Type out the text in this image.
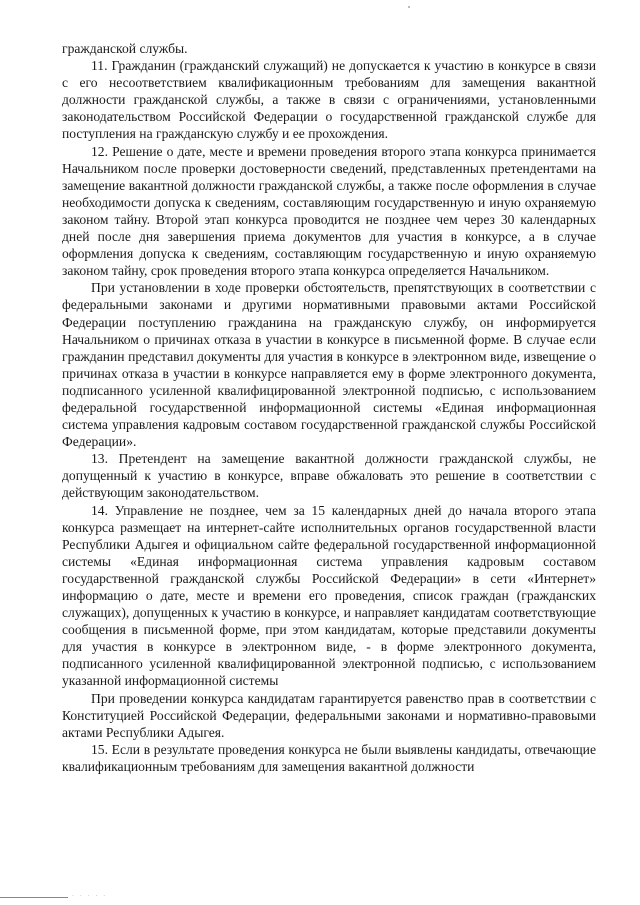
гражданской службы.

11. Гражданин (гражданский служащий) не допускается к участию в конкурсе в связи с его несоответствием квалификационным требованиям для замещения вакантной должности гражданской службы, а также в связи с ограничениями, установленными законодательством Российской Федерации о государственной гражданской службе для поступления на гражданскую службу и ее прохождения.

12. Решение о дате, месте и времени проведения второго этапа конкурса принимается Начальником после проверки достоверности сведений, представленных претендентами на замещение вакантной должности гражданской службы, а также после оформления в случае необходимости допуска к сведениям, составляющим государственную и иную охраняемую законом тайну. Второй этап конкурса проводится не позднее чем через 30 календарных дней после дня завершения приема документов для участия в конкурсе, а в случае оформления допуска к сведениям, составляющим государственную и иную охраняемую законом тайну, срок проведения второго этапа конкурса определяется Начальником.

При установлении в ходе проверки обстоятельств, препятствующих в соответствии с федеральными законами и другими нормативными правовыми актами Российской Федерации поступлению гражданина на гражданскую службу, он информируется Начальником о причинах отказа в участии в конкурсе в письменной форме. В случае если гражданин представил документы для участия в конкурсе в электронном виде, извещение о причинах отказа в участии в конкурсе направляется ему в форме электронного документа, подписанного усиленной квалифицированной электронной подписью, с использованием федеральной государственной информационной системы «Единая информационная система управления кадровым составом государственной гражданской службы Российской Федерации».

13. Претендент на замещение вакантной должности гражданской службы, не допущенный к участию в конкурсе, вправе обжаловать это решение в соответствии с действующим законодательством.

14. Управление не позднее, чем за 15 календарных дней до начала второго этапа конкурса размещает на интернет-сайте исполнительных органов государственной власти Республики Адыгея и официальном сайте федеральной государственной информационной системы «Единая информационная система управления кадровым составом государственной гражданской службы Российской Федерации» в сети «Интернет» информацию о дате, месте и времени его проведения, список граждан (гражданских служащих), допущенных к участию в конкурсе, и направляет кандидатам соответствующие сообщения в письменной форме, при этом кандидатам, которые представили документы для участия в конкурсе в электронном виде, - в форме электронного документа, подписанного усиленной квалифицированной электронной подписью, с использованием указанной информационной системы

При проведении конкурса кандидатам гарантируется равенство прав в соответствии с Конституцией Российской Федерации, федеральными законами и нормативно-правовыми актами Республики Адыгея.

15. Если в результате проведения конкурса не были выявлены кандидаты, отвечающие квалификационным требованиям для замещения вакантной должности

· · · · ·
